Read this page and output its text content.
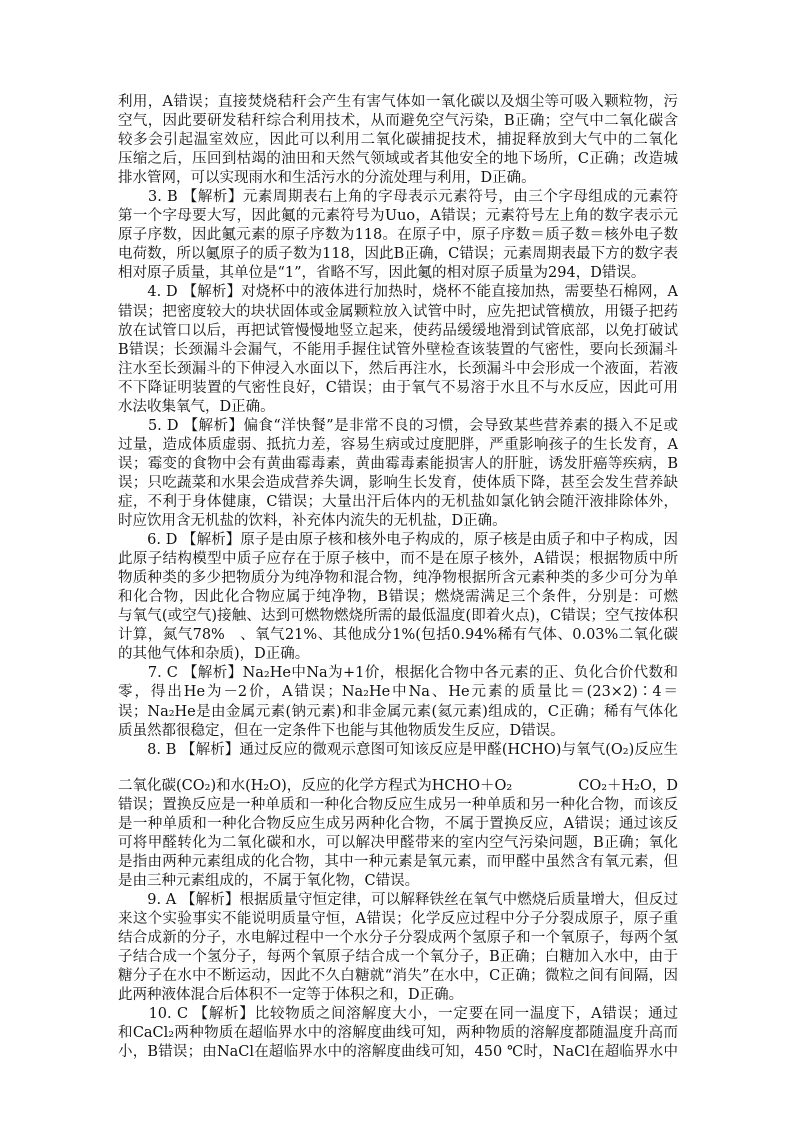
利用，A错误；直接焚烧秸秆会产生有害气体如一氧化碳以及烟尘等可吸入颗粒物，污
空气，因此要研发秸秆综合利用技术，从而避免空气污染，B正确；空气中二氧化碳含
较多会引起温室效应，因此可以利用二氧化碳捕捉技术，捕捉释放到大气中的二氧化
压缩之后，压回到枯竭的油田和天然气领域或者其他安全的地下场所，C正确；改造城
排水管网，可以实现雨水和生活污水的分流处理与利用，D正确。
　　3. B 【解析】元素周期表右上角的字母表示元素符号，由三个字母组成的元素符
第一个字母要大写，因此鿫的元素符号为Uuo，A错误；元素符号左上角的数字表示元
原子序数，因此鿫元素的原子序数为118。在原子中，原子序数＝质子数＝核外电子数
电荷数，所以鿫原子的质子数为118，因此B正确，C错误；元素周期表最下方的数字表
相对原子质量，其单位是“1”，省略不写，因此鿫的相对原子质量为294，D错误。
　　4. D 【解析】对烧杯中的液体进行加热时，烧杯不能直接加热，需要垫石棉网，A
错误；把密度较大的块状固体或金属颗粒放入试管中时，应先把试管横放，用镊子把药
放在试管口以后，再把试管慢慢地竖立起来，使药品缓缓地滑到试管底部，以免打破试
B错误；长颈漏斗会漏气，不能用手握住试管外壁检查该装置的气密性，要向长颈漏斗
注水至长颈漏斗的下伸浸入水面以下，然后再注水，长颈漏斗中会形成一个液面，若液
不下降证明装置的气密性良好，C错误；由于氧气不易溶于水且不与水反应，因此可用
水法收集氧气，D正确。
　　5. D 【解析】偏食“洋快餐”是非常不良的习惯，会导致某些营养素的摄入不足或
过量，造成体质虚弱、抵抗力差，容易生病或过度肥胖，严重影响孩子的生长发育，A
误；霉变的食物中会有黄曲霉毒素，黄曲霉毒素能损害人的肝脏，诱发肝癌等疾病，B
误；只吃蔬菜和水果会造成营养失调，影响生长发育，使体质下降，甚至会发生营养缺
症，不利于身体健康，C错误；大量出汗后体内的无机盐如氯化钠会随汗液排除体外，
时应饮用含无机盐的饮料，补充体内流失的无机盐，D正确。
　　6. D 【解析】原子是由原子核和核外电子构成的，原子核是由质子和中子构成，因
此原子结构模型中质子应存在于原子核中，而不是在原子核外，A错误；根据物质中所
物质种类的多少把物质分为纯净物和混合物，纯净物根据所含元素种类的多少可分为单
和化合物，因此化合物应属于纯净物，B错误；燃烧需满足三个条件，分别是：可燃
与氧气(或空气)接触、达到可燃物燃烧所需的最低温度(即着火点)，C错误；空气按体积
计算，氮气78%　、氧气21%、其他成分1%(包括0.94%稀有气体、0.03%二氧化碳
的其他气体和杂质)，D正确。
　　7. C 【解析】Na₂He中Na为+1价，根据化合物中各元素的正、负化合价代数和
零，得出He为－2价，A错误；Na₂He中Na、He元素的质量比＝(23×2)∶4＝
误；Na₂He是由金属元素(钠元素)和非金属元素(氦元素)组成的，C正确；稀有气体化
质虽然都很稳定，但在一定条件下也能与其他物质发生反应，D错误。
　　8. B 【解析】通过反应的微观示意图可知该反应是甲醛(HCHO)与氧气(O₂)反应生
二氧化碳(CO₂)和水(H₂O)，反应的化学方程式为HCHO＋O₂	CO₂＋H₂O，D
错误；置换反应是一种单质和一种化合物反应生成另一种单质和另一种化合物，而该反
是一种单质和一种化合物反应生成另两种化合物，不属于置换反应，A错误；通过该反
可将甲醛转化为二氧化碳和水，可以解决甲醛带来的室内空气污染问题，B正确；氧化
是指由两种元素组成的化合物，其中一种元素是氧元素，而甲醛中虽然含有氧元素，但
是由三种元素组成的，不属于氧化物，C错误。
　　9. A 【解析】根据质量守恒定律，可以解释铁丝在氧气中燃烧后质量增大，但反过
来这个实验事实不能说明质量守恒，A错误；化学反应过程中分子分裂成原子，原子重
结合成新的分子，水电解过程中一个水分子分裂成两个氢原子和一个氧原子，每两个氢
子结合成一个氢分子，每两个氧原子结合成一个氧分子，B正确；白糖加入水中，由于
糖分子在水中不断运动，因此不久白糖就“消失”在水中，C正确；微粒之间有间隔，因
此两种液体混合后体积不一定等于体积之和，D正确。
　　10. C 【解析】比较物质之间溶解度大小，一定要在同一温度下，A错误；通过
和CaCl₂两种物质在超临界水中的溶解度曲线可知，两种物质的溶解度都随温度升高而
小，B错误；由NaCl在超临界水中的溶解度曲线可知，450 ℃时，NaCl在超临界水中
